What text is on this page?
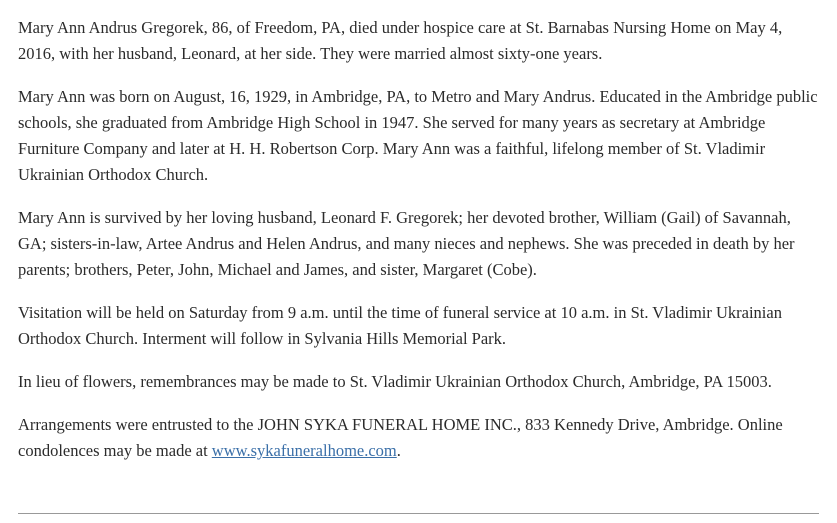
Mary Ann Andrus Gregorek, 86, of Freedom, PA, died under hospice care at St. Barnabas Nursing Home on May 4, 2016, with her husband, Leonard, at her side. They were married almost sixty-one years.

Mary Ann was born on August, 16, 1929, in Ambridge, PA, to Metro and Mary Andrus. Educated in the Ambridge public schools, she graduated from Ambridge High School in 1947. She served for many years as secretary at Ambridge Furniture Company and later at H. H. Robertson Corp. Mary Ann was a faithful, lifelong member of St. Vladimir Ukrainian Orthodox Church.

Mary Ann is survived by her loving husband, Leonard F. Gregorek; her devoted brother, William (Gail) of Savannah, GA; sisters-in-law, Artee Andrus and Helen Andrus, and many nieces and nephews. She was preceded in death by her parents; brothers, Peter, John, Michael and James, and sister, Margaret (Cobe).

Visitation will be held on Saturday from 9 a.m. until the time of funeral service at 10 a.m. in St. Vladimir Ukrainian Orthodox Church. Interment will follow in Sylvania Hills Memorial Park.

In lieu of flowers, remembrances may be made to St. Vladimir Ukrainian Orthodox Church, Ambridge, PA 15003.

Arrangements were entrusted to the JOHN SYKA FUNERAL HOME INC., 833 Kennedy Drive, Ambridge. Online condolences may be made at www.sykafuneralhome.com.
